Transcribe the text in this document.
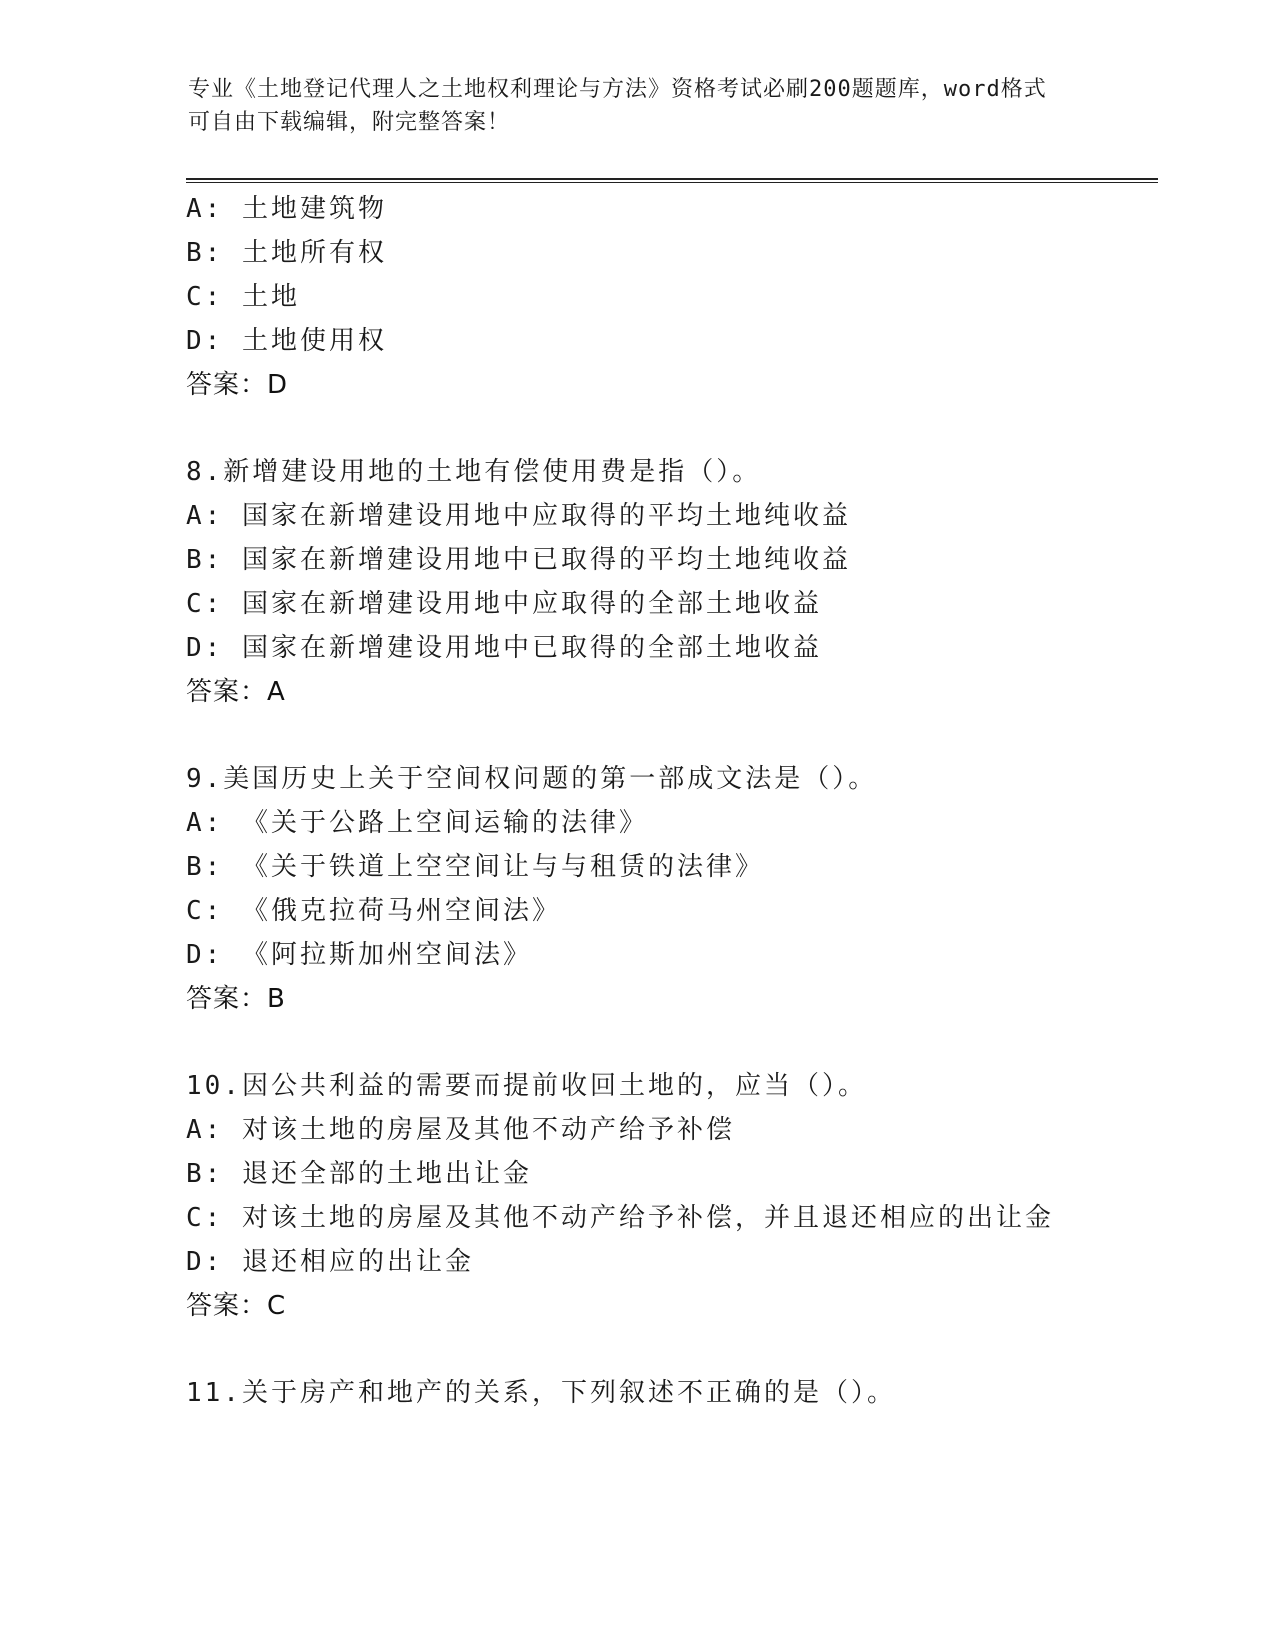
专业《土地登记代理人之土地权利理论与方法》资格考试必刷200题题库，word格式可自由下载编辑，附完整答案！
A: 土地建筑物
B: 土地所有权
C: 土地
D: 土地使用权
答案：D
8.新增建设用地的土地有偿使用费是指（）。
A: 国家在新增建设用地中应取得的平均土地纯收益
B: 国家在新增建设用地中已取得的平均土地纯收益
C: 国家在新增建设用地中应取得的全部土地收益
D: 国家在新增建设用地中已取得的全部土地收益
答案：A
9.美国历史上关于空间权问题的第一部成文法是（）。
A: 《关于公路上空间运输的法律》
B: 《关于铁道上空空间让与与租赁的法律》
C: 《俄克拉荷马州空间法》
D: 《阿拉斯加州空间法》
答案：B
10.因公共利益的需要而提前收回土地的，应当（）。
A: 对该土地的房屋及其他不动产给予补偿
B: 退还全部的土地出让金
C: 对该土地的房屋及其他不动产给予补偿，并且退还相应的出让金
D: 退还相应的出让金
答案：C
11.关于房产和地产的关系，下列叙述不正确的是（）。
